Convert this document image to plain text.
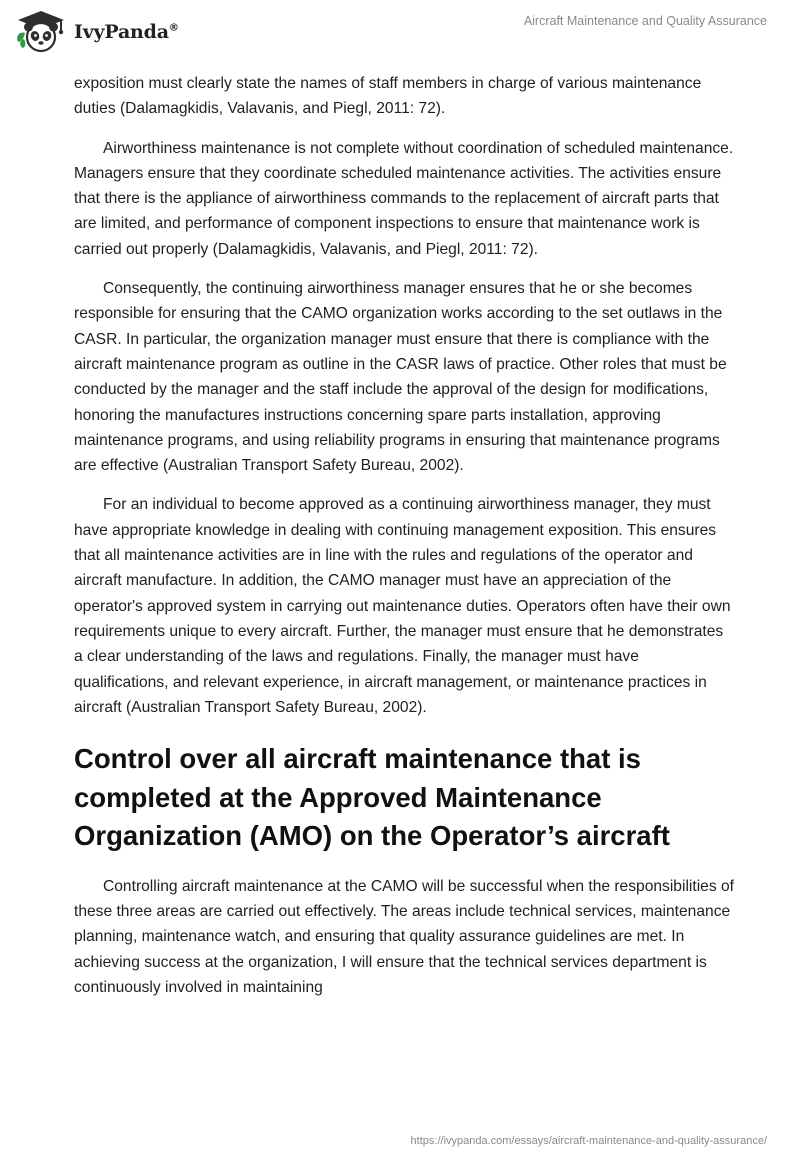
IvyPanda®
Aircraft Maintenance and Quality Assurance

exposition must clearly state the names of staff members in charge of various maintenance duties (Dalamagkidis, Valavanis, and Piegl, 2011: 72).

Airworthiness maintenance is not complete without coordination of scheduled maintenance. Managers ensure that they coordinate scheduled maintenance activities. The activities ensure that there is the appliance of airworthiness commands to the replacement of aircraft parts that are limited, and performance of component inspections to ensure that maintenance work is carried out properly (Dalamagkidis, Valavanis, and Piegl, 2011: 72).

Consequently, the continuing airworthiness manager ensures that he or she becomes responsible for ensuring that the CAMO organization works according to the set outlaws in the CASR. In particular, the organization manager must ensure that there is compliance with the aircraft maintenance program as outline in the CASR laws of practice. Other roles that must be conducted by the manager and the staff include the approval of the design for modifications, honoring the manufactures instructions concerning spare parts installation, approving maintenance programs, and using reliability programs in ensuring that maintenance programs are effective (Australian Transport Safety Bureau, 2002).

For an individual to become approved as a continuing airworthiness manager, they must have appropriate knowledge in dealing with continuing management exposition. This ensures that all maintenance activities are in line with the rules and regulations of the operator and aircraft manufacture. In addition, the CAMO manager must have an appreciation of the operator's approved system in carrying out maintenance duties. Operators often have their own requirements unique to every aircraft. Further, the manager must ensure that he demonstrates a clear understanding of the laws and regulations. Finally, the manager must have qualifications, and relevant experience, in aircraft management, or maintenance practices in aircraft (Australian Transport Safety Bureau, 2002).

Control over all aircraft maintenance that is completed at the Approved Maintenance Organization (AMO) on the Operator’s aircraft

Controlling aircraft maintenance at the CAMO will be successful when the responsibilities of these three areas are carried out effectively. The areas include technical services, maintenance planning, maintenance watch, and ensuring that quality assurance guidelines are met. In achieving success at the organization, I will ensure that the technical services department is continuously involved in maintaining

https://ivypanda.com/essays/aircraft-maintenance-and-quality-assurance/
